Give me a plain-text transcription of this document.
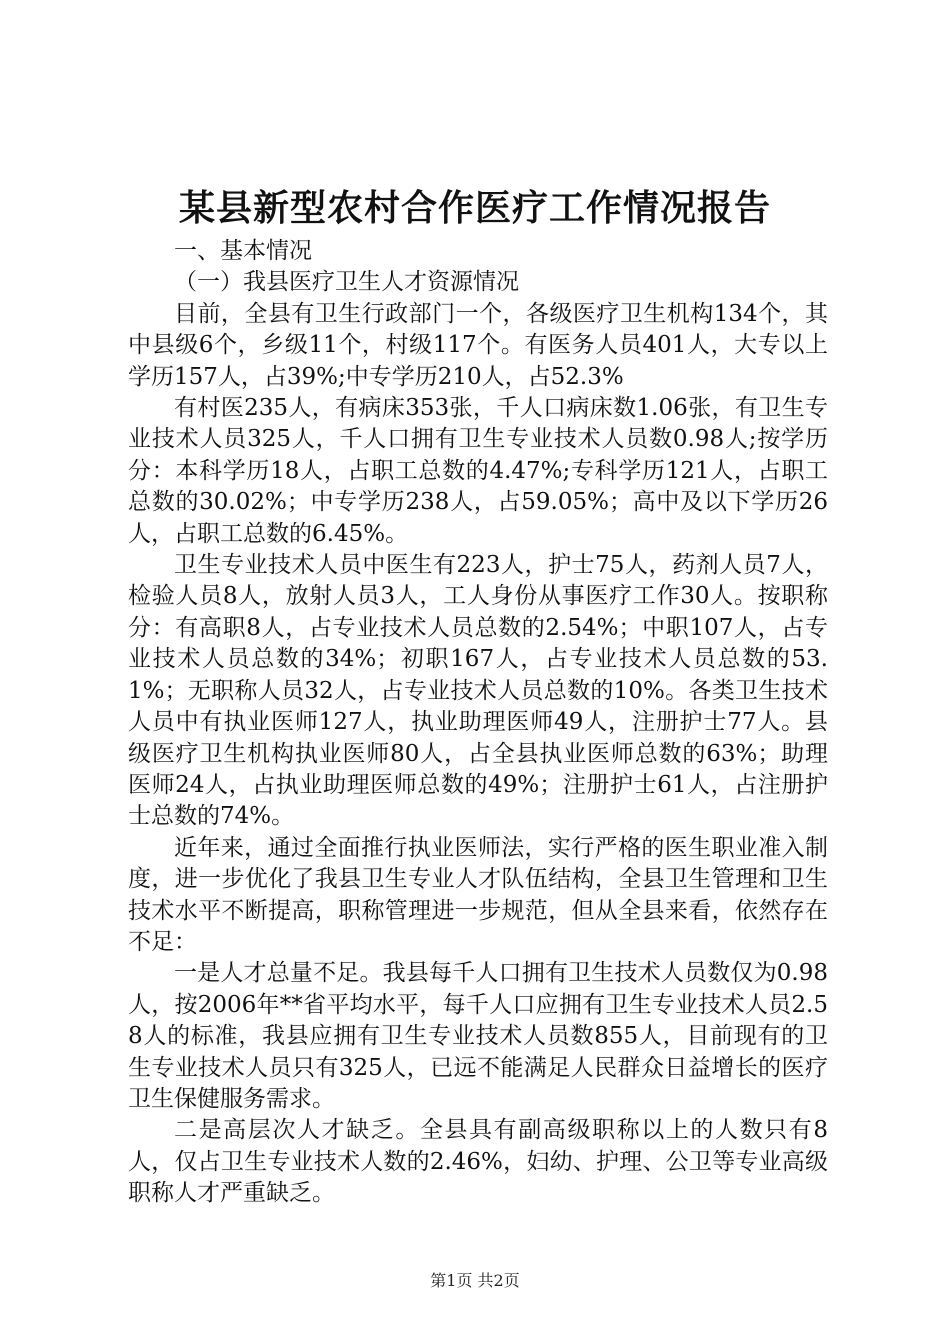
某县新型农村合作医疗工作情况报告

一、基本情况

（一）我县医疗卫生人才资源情况

目前，全县有卫生行政部门一个，各级医疗卫生机构134个，其中县级6个，乡级11个，村级117个。有医务人员401人，大专以上学历157人，占39%;中专学历210人，占52.3%

有村医235人，有病床353张，千人口病床数1.06张，有卫生专业技术人员325人，千人口拥有卫生专业技术人员数0.98人;按学历分：本科学历18人，占职工总数的4.47%;专科学历121人，占职工总数的30.02%；中专学历238人，占59.05%；高中及以下学历26人，占职工总数的6.45%。

卫生专业技术人员中医生有223人，护士75人，药剂人员7人，检验人员8人，放射人员3人，工人身份从事医疗工作30人。按职称分：有高职8人，占专业技术人员总数的2.54%；中职107人，占专业技术人员总数的34%；初职167人，占专业技术人员总数的53.1%；无职称人员32人，占专业技术人员总数的10%。各类卫生技术人员中有执业医师127人，执业助理医师49人，注册护士77人。县级医疗卫生机构执业医师80人，占全县执业医师总数的63%；助理医师24人，占执业助理医师总数的49%；注册护士61人，占注册护士总数的74%。

近年来，通过全面推行执业医师法，实行严格的医生职业准入制度，进一步优化了我县卫生专业人才队伍结构，全县卫生管理和卫生技术水平不断提高，职称管理进一步规范，但从全县来看，依然存在不足：

一是人才总量不足。我县每千人口拥有卫生技术人员数仅为0.98人，按2006年**省平均水平，每千人口应拥有卫生专业技术人员2.58人的标准，我县应拥有卫生专业技术人员数855人，目前现有的卫生专业技术人员只有325人，已远不能满足人民群众日益增长的医疗卫生保健服务需求。

二是高层次人才缺乏。全县具有副高级职称以上的人数只有8人，仅占卫生专业技术人数的2.46%，妇幼、护理、公卫等专业高级职称人才严重缺乏。

第1页 共2页
